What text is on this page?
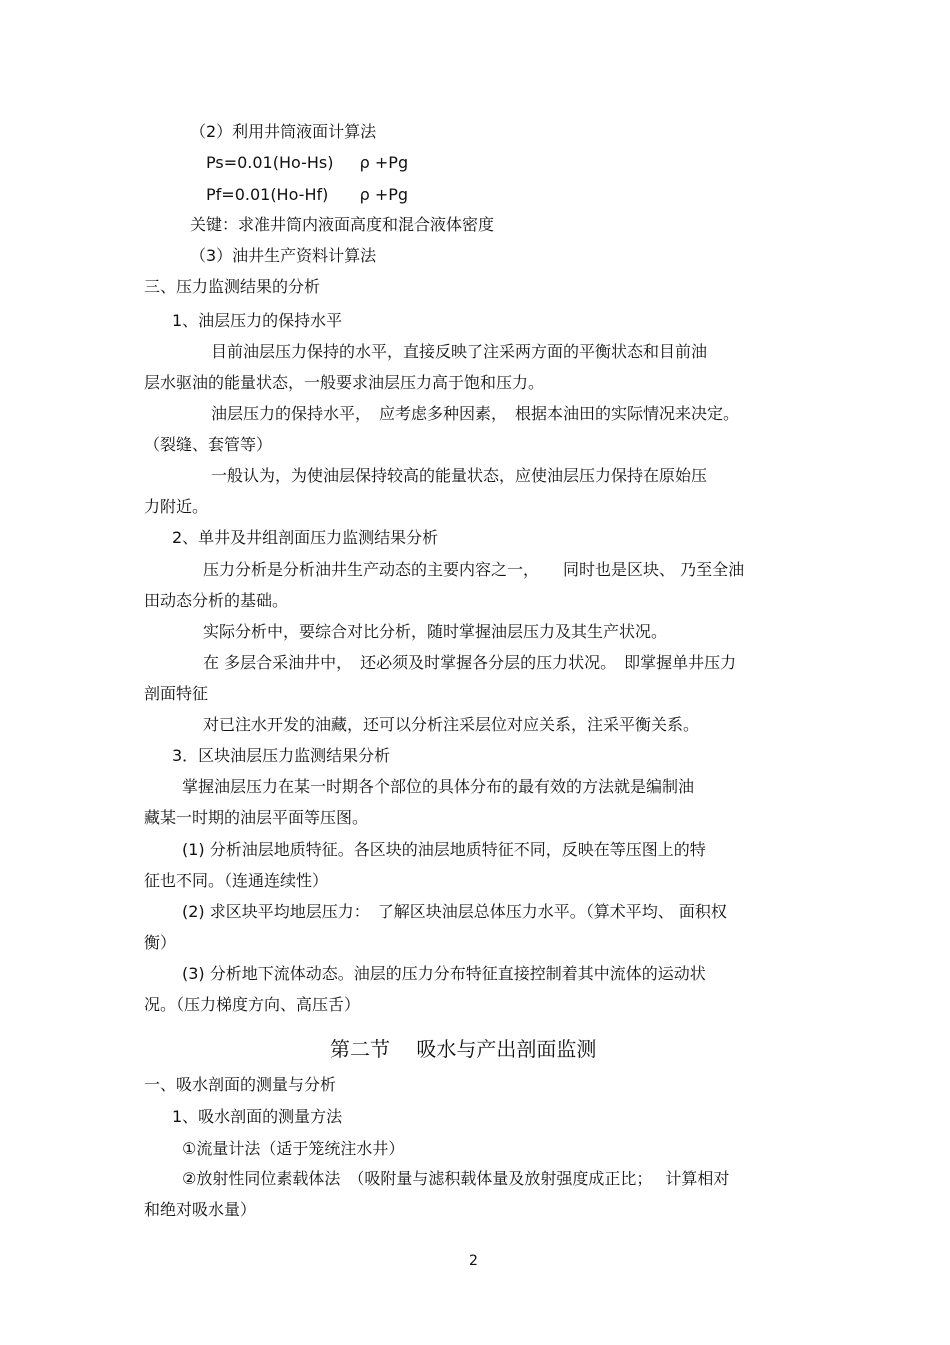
（2）利用井筒液面计算法

Ps=0.01(Ho-Hs)　  ρ +Pg

Pf=0.01(Ho-Hf)　   ρ +Pg

关键：求准井筒内液面高度和混合液体密度

（3）油井生产资料计算法

三、压力监测结果的分析

1、油层压力的保持水平

目前油层压力保持的水平，直接反映了注采两方面的平衡状态和目前油

层水驱油的能量状态，一般要求油层压力高于饱和压力。

油层压力的保持水平，　应考虑多种因素，　根据本油田的实际情况来决定。

（裂缝、套管等）

一般认为，为使油层保持较高的能量状态，应使油层压力保持在原始压

力附近。

2、单井及井组剖面压力监测结果分析

压力分析是分析油井生产动态的主要内容之一，　　同时也是区块、 乃至全油

田动态分析的基础。

实际分析中，要综合对比分析，随时掌握油层压力及其生产状况。

在 多层合采油井中，　还必须及时掌握各分层的压力状况。　即掌握单井压力

剖面特征

对已注水开发的油藏，还可以分析注采层位对应关系，注采平衡关系。

3．区块油层压力监测结果分析

掌握油层压力在某一时期各个部位的具体分布的最有效的方法就是编制油

藏某一时期的油层平面等压图。

(1) 分析油层地质特征。各区块的油层地质特征不同，反映在等压图上的特

征也不同。（连通连续性）

(2) 求区块平均地层压力：　了解区块油层总体压力水平。（算术平均、 面积权

衡）

(3) 分析地下流体动态。油层的压力分布特征直接控制着其中流体的运动状

况。（压力梯度方向、高压舌）

第二节　 吸水与产出剖面监测

一、吸水剖面的测量与分析

1、吸水剖面的测量方法

①流量计法（适于笼统注水井）

②放射性同位素载体法　（吸附量与滤积载体量及放射强度成正比；　 计算相对

和绝对吸水量）

2
